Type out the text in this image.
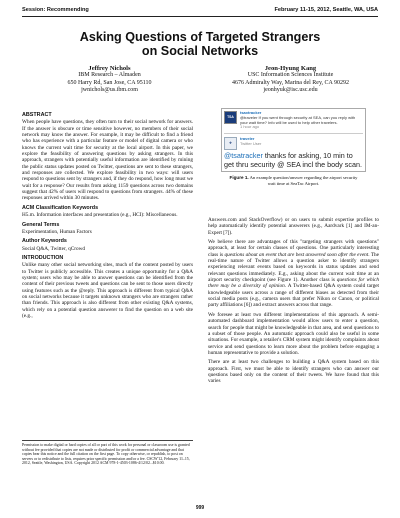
Session: Recommending	February 11-15, 2012, Seattle, WA, USA
Asking Questions of Targeted Strangers
on Social Networks
Jeffrey Nichols
IBM Research – Almaden
650 Harry Rd, San Jose, CA 95110
jwnichols@us.ibm.com
Jeon-Hyung Kang
USC Information Sciences Institute
4676 Admiralty Way, Marina del Rey, CA 90292
jeonhyuk@isc.usc.edu
ABSTRACT
When people have questions, they often turn to their social network for answers. If the answer is obscure or time sensitive however, no members of their social network may know the answer. For example, it may be difficult to find a friend who has experience with a particular feature or model of digital camera or who knows the current wait time for security at the local airport. In this paper, we explore the feasibility of answering questions by asking strangers. In this approach, strangers with potentially useful information are identified by mining the public status updates posted on Twitter, questions are sent to these strangers, and responses are collected. We explore feasibility in two ways: will users respond to questions sent by strangers and, if they do respond, how long must we wait for a response? Our results from asking 1159 questions across two domains suggest that 42% of users will respond to questions from strangers. 44% of these responses arrived within 30 minutes.
ACM Classification Keywords
H5.m. Information interfaces and presentation (e.g., HCI): Miscellaneous.
General Terms
Experimentation, Human Factors
Author Keywords
Social Q&A, Twitter, qCrowd
INTRODUCTION
Unlike many other social networking sites, much of the content posted by users to Twitter is publicly accessible. This creates a unique opportunity for a Q&A system; users who may be able to answer questions can be identified from the content of their previous tweets and questions can be sent to those users directly using features such as the @reply. This approach is different from typical Q&A on social networks because it targets unknown strangers who are strangers rather than friends. This approach is also different from other existing Q&A systems, which rely on a potential question answerer to find the question on a web site (e.g.,
Permission to make digital or hard copies of all or part of this work for personal or classroom use is granted without fee provided that copies are not made or distributed for profit or commercial advantage and that copies bear this notice and the full citation on the first page. To copy otherwise, or republish, to post on servers or to redistribute to lists, requires prior specific permission and/or a fee. CSCW'12, February 11–15, 2012, Seattle, Washington, USA. Copyright 2012 ACM 978-1-4503-1086-4/12/02...$10.00.
TSA
tsaxtracker
@traveler If you went through security at SEA, can you reply with your wait time? Info will be used to help other travelers.
1 hour ago
✈
traveler
Twitter User
@tsatracker thanks for asking, 10 min to get thru security @ SEA incl the body scan.
Figure 1. An example question/answer regarding the airport security wait time at SeaTac Airport.
Answers.com and StackOverflow) or on users to submit expertise profiles to help automatically identify potential answerers (e.g., Aardvark [1] and IM-an-Expert [7]).
We believe there are advantages of this "targeting strangers with questions" approach, at least for certain classes of questions. One particularly interesting class is questions about an event that are best answered soon after the event. The real-time nature of Twitter allows a question asker to identify strangers experiencing relevant events based on keywords in status updates and send relevant questions immediately. E.g., asking about the current wait time at an airport security checkpoint (see Figure 1). Another class is questions for which there may be a diversity of opinion. A Twitter-based Q&A system could target knowledgeable users across a range of different biases as detected from their social media posts (e.g., camera users that prefer Nikon or Canon, or political party affiliations [6]) and extract answers across that range.
We foresee at least two different implementations of this approach. A semi-automated dashboard implementation would allow users to enter a question, search for people that might be knowledgeable in that area, and send questions to a subset of those people. An automatic approach could also be useful in some situations. For example, a retailer's CRM system might identify complaints about service and send questions to learn more about the problem before engaging a human representative to provide a solution.
There are at least two challenges to building a Q&A system based on this approach. First, we must be able to identify strangers who can answer our questions based only on the content of their tweets. We have found that this varies
999
